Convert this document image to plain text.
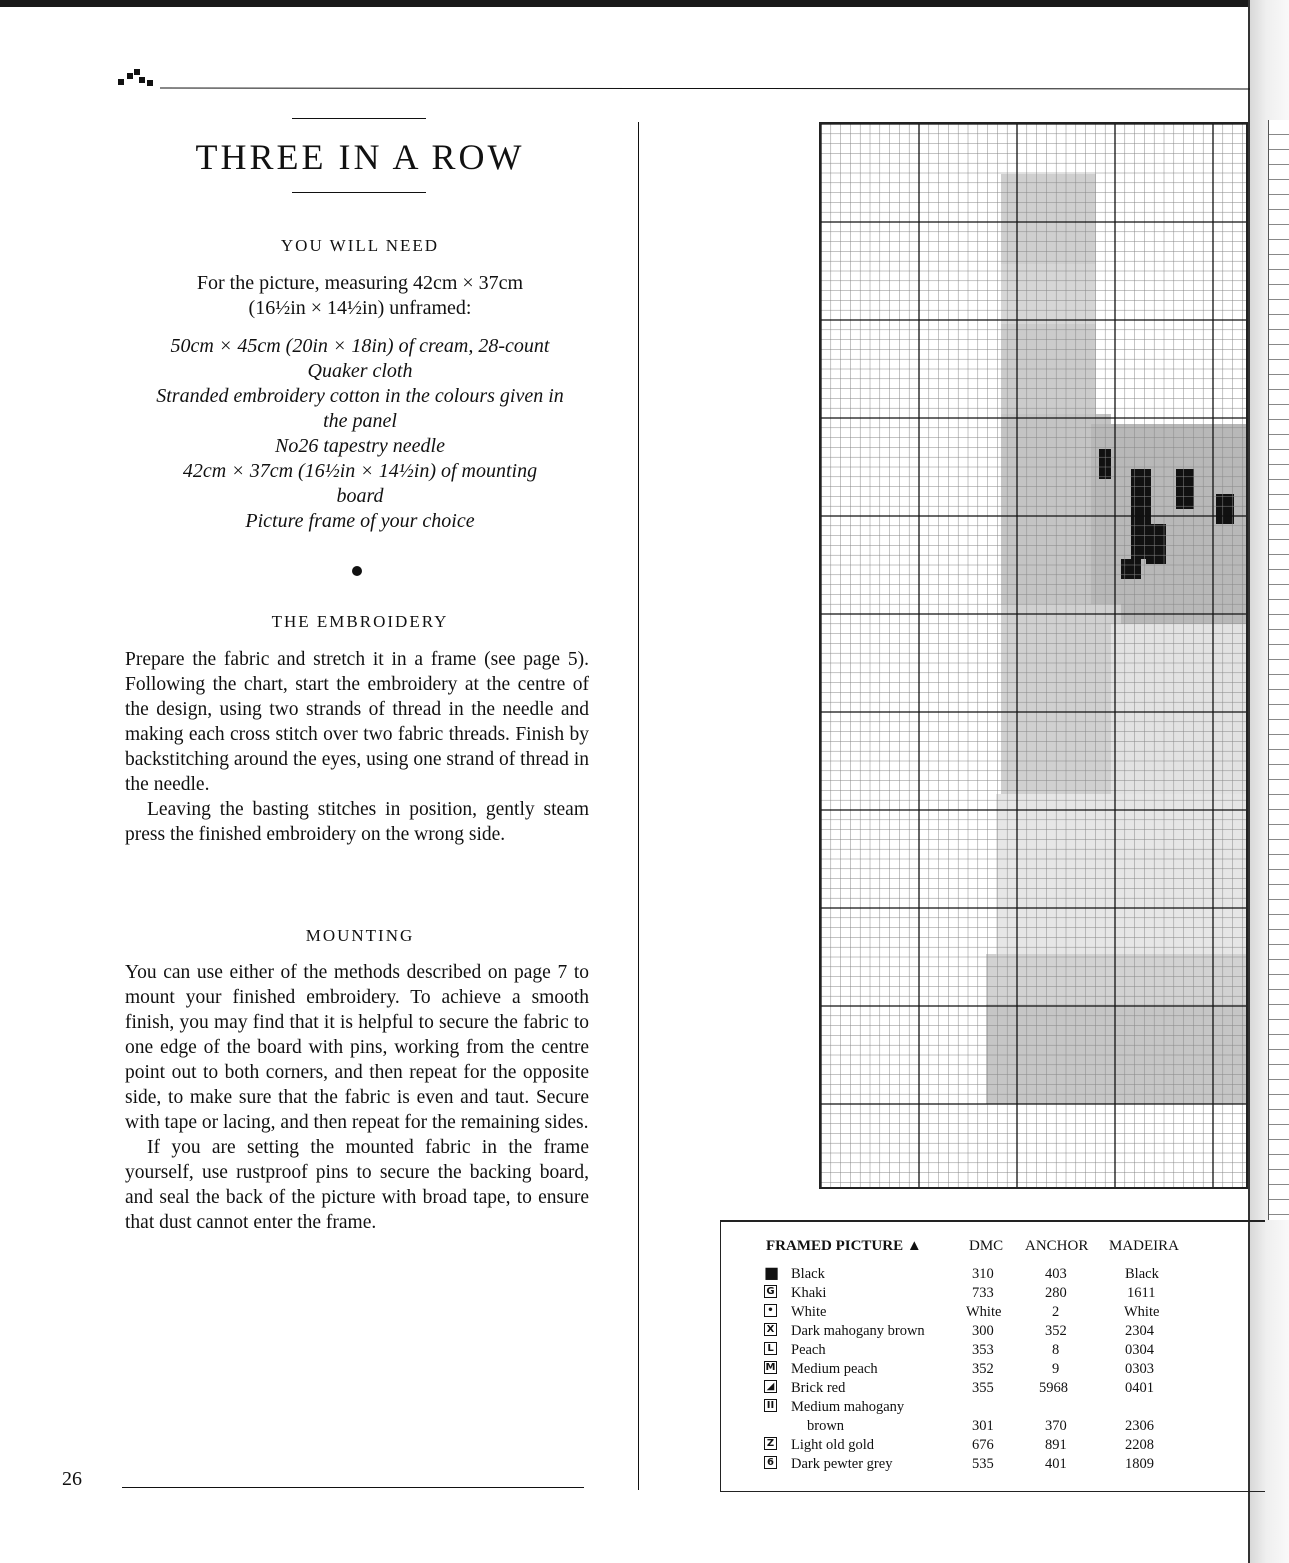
THREE IN A ROW
YOU WILL NEED
For the picture, measuring 42cm × 37cm
(16½in × 14½in) unframed:
50cm × 45cm (20in × 18in) of cream, 28-count
Quaker cloth
Stranded embroidery cotton in the colours given in
the panel
No26 tapestry needle
42cm × 37cm (16½in × 14½in) of mounting
board
Picture frame of your choice
THE EMBROIDERY

Prepare the fabric and stretch it in a frame (see page 5). Following the chart, start the embroidery at the centre of the design, using two strands of thread in the needle and making each cross stitch over two fabric threads. Finish by backstitching around the eyes, using one strand of thread in the needle.

Leaving the basting stitches in position, gently steam press the finished embroidery on the wrong side.

MOUNTING

You can use either of the methods described on page 7 to mount your finished embroidery. To achieve a smooth finish, you may find that it is helpful to secure the fabric to one edge of the board with pins, working from the centre point out to both corners, and then repeat for the opposite side, to make sure that the fabric is even and taut. Secure with tape or lacing, and then repeat for the remaining sides.

If you are setting the mounted fabric in the frame yourself, use rustproof pins to secure the backing board, and seal the back of the picture with broad tape, to ensure that dust cannot enter the frame.

26
FRAMED PICTURE ▲	DMC ANCHOR MADEIRA
■ Black	310	403	Black
G Khaki	733	280	1611
• White	White	2	White
X Dark mahogany brown	300	352	2304
L Peach	353	8	0304
M Medium peach	352	9	0303
◢ Brick red	355	5968	0401
II Medium mahogany
brown	301	370	2306
Z Light old gold	676	891	2208
6 Dark pewter grey	535	401	1809
